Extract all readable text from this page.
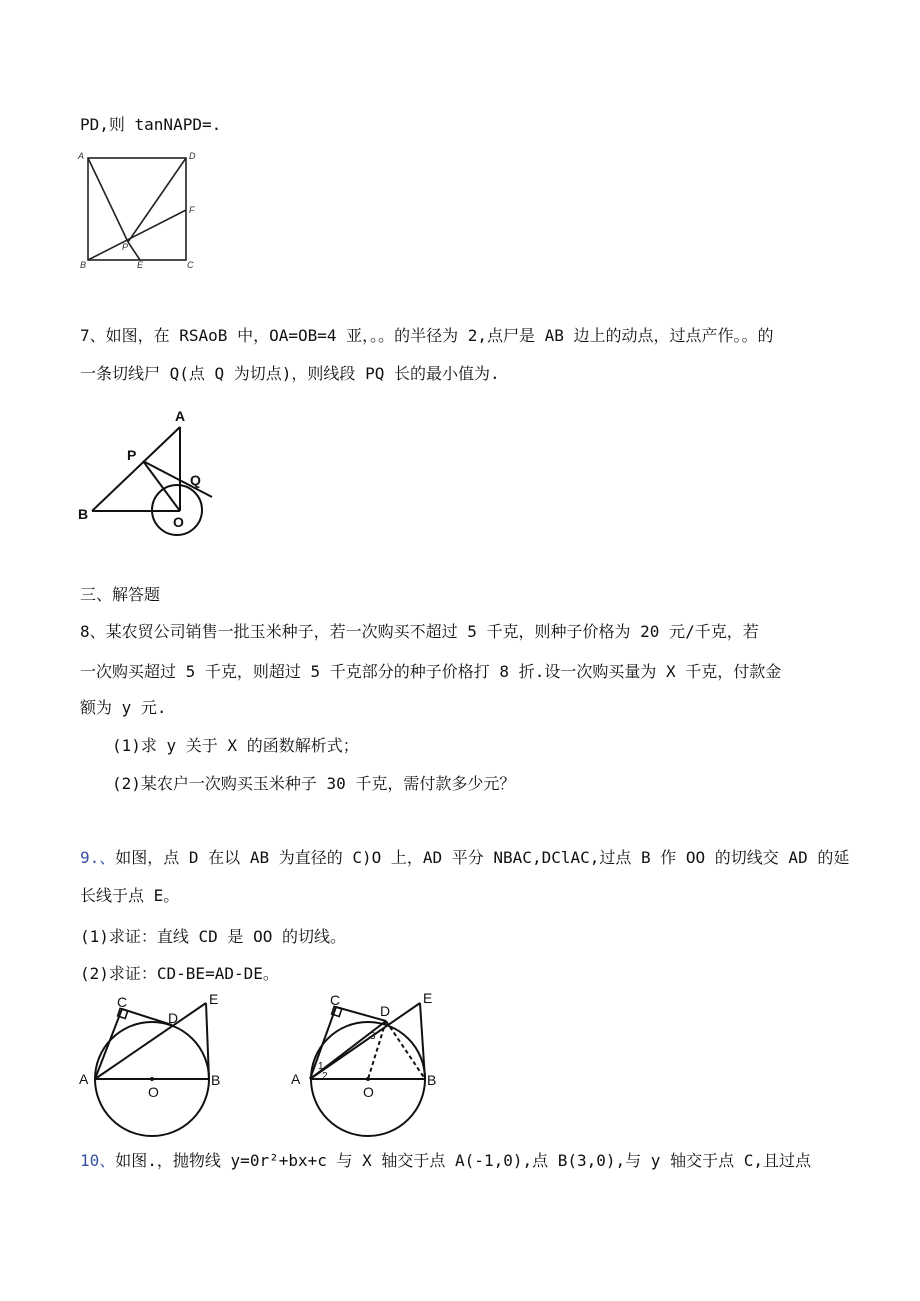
PD,则 tanNAPD=.
A	D
F
P
B	E	C
7、如图，在 RSAoB 中，OA=OB=4 亚，。。的半径为 2,点尸是 AB 边上的动点，过点产作。。的
一条切线尸 Q(点 Q 为切点)，则线段 PQ 长的最小值为.
A
P
Q
B	O
三、解答题
8、某农贸公司销售一批玉米种子，若一次购买不超过 5 千克，则种子价格为 20 元/千克，若
一次购买超过 5 千克，则超过 5 千克部分的种子价格打 8 折.设一次购买量为 X 千克，付款金
额为 y 元.
(1)求 y 关于 X 的函数解析式；
(2)某农户一次购买玉米种子 30 千克，需付款多少元？
9.、如图，点 D 在以 AB 为直径的 C)O 上，AD 平分 NBAC,DClAC,过点 B 作 OO 的切线交 AD 的延
长线于点 E。
(1)求证：直线 CD 是 OO 的切线。
(2)求证：CD-BE=AD-DE。
C
D
E
A
O
B
C
D
E
A
O
B
1
2
3
10、如图.，抛物线 y=0r²+bx+c 与 X 轴交于点 A(-1,0),点 B(3,0),与 y 轴交于点 C,且过点
